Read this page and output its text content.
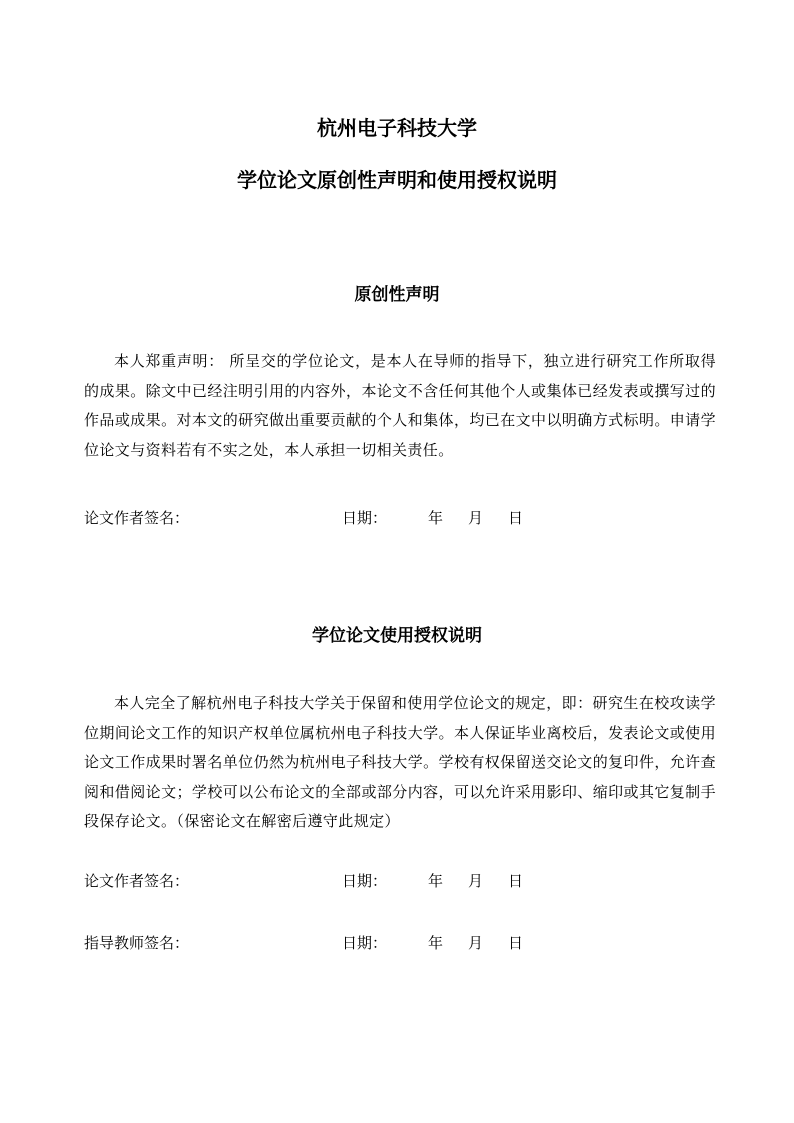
杭州电子科技大学
学位论文原创性声明和使用授权说明
原创性声明
本人郑重声明： 所呈交的学位论文，是本人在导师的指导下，独立进行研究工作所取得的成果。除文中已经注明引用的内容外，本论文不含任何其他个人或集体已经发表或撰写过的作品或成果。对本文的研究做出重要贡献的个人和集体，均已在文中以明确方式标明。申请学位论文与资料若有不实之处，本人承担一切相关责任。
论文作者签名：	日期：	年 月 日
学位论文使用授权说明
本人完全了解杭州电子科技大学关于保留和使用学位论文的规定，即：研究生在校攻读学位期间论文工作的知识产权单位属杭州电子科技大学。本人保证毕业离校后，发表论文或使用论文工作成果时署名单位仍然为杭州电子科技大学。学校有权保留送交论文的复印件，允许查阅和借阅论文；学校可以公布论文的全部或部分内容，可以允许采用影印、缩印或其它复制手段保存论文。（保密论文在解密后遵守此规定）
论文作者签名：	日期：	年 月 日
指导教师签名：	日期：	年 月 日
